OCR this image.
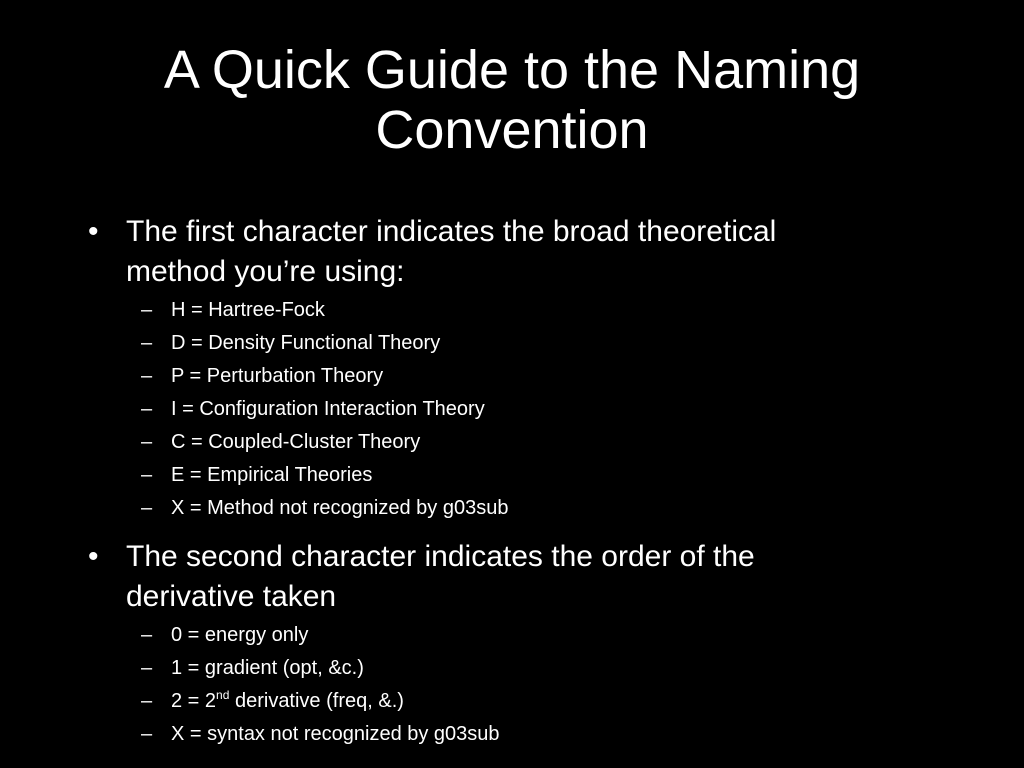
A Quick Guide to the Naming
Convention
• The first character indicates the broad theoretical
method you’re using:
– H = Hartree-Fock
– D = Density Functional Theory
– P = Perturbation Theory
– I = Configuration Interaction Theory
– C = Coupled-Cluster Theory
– E = Empirical Theories
– X = Method not recognized by g03sub
• The second character indicates the order of the
derivative taken
– 0 = energy only
– 1 = gradient (opt, &c.)
– 2 = 2nd derivative (freq, &.)
– X = syntax not recognized by g03sub
